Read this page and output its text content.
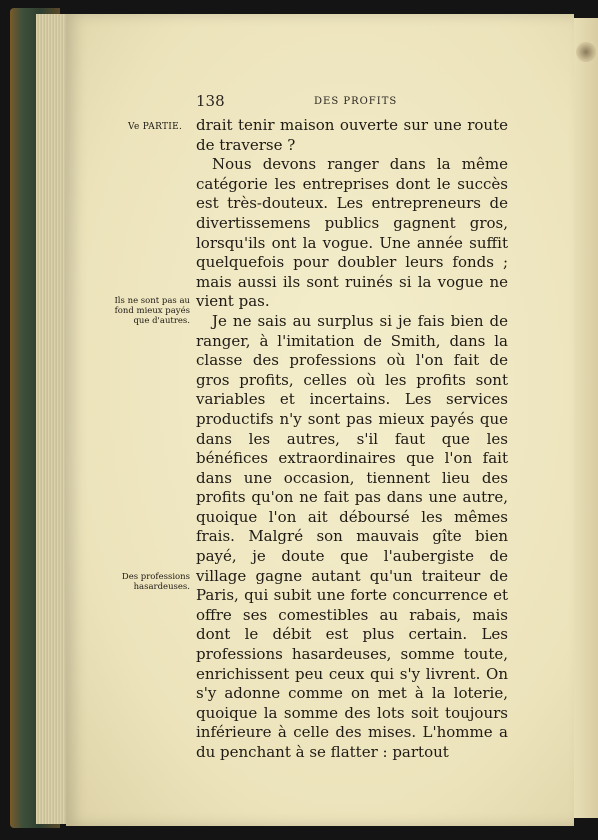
138	DES PROFITS
Ve PARTIE.
Ils ne sont pas au fond mieux payés que d'autres.
Des professions hasardeuses.

drait tenir maison ouverte sur une route de traverse ?

Nous devons ranger dans la même catégorie les entreprises dont le succès est très-douteux. Les entrepreneurs de divertissemens publics gagnent gros, lorsqu'ils ont la vogue. Une année suffit quelquefois pour doubler leurs fonds ; mais aussi ils sont ruinés si la vogue ne vient pas.

Je ne sais au surplus si je fais bien de ranger, à l'imitation de Smith, dans la classe des professions où l'on fait de gros profits, celles où les profits sont variables et incertains. Les services productifs n'y sont pas mieux payés que dans les autres, s'il faut que les bénéfices extraordinaires que l'on fait dans une occasion, tiennent lieu des profits qu'on ne fait pas dans une autre, quoique l'on ait déboursé les mêmes frais. Malgré son mauvais gîte bien payé, je doute que l'aubergiste de village gagne autant qu'un traiteur de Paris, qui subit une forte concurrence et offre ses comestibles au rabais, mais dont le débit est plus certain. Les professions hasardeuses, somme toute, enrichissent peu ceux qui s'y livrent. On s'y adonne comme on met à la loterie, quoique la somme des lots soit toujours inférieure à celle des mises. L'homme a du penchant à se flatter : partout
